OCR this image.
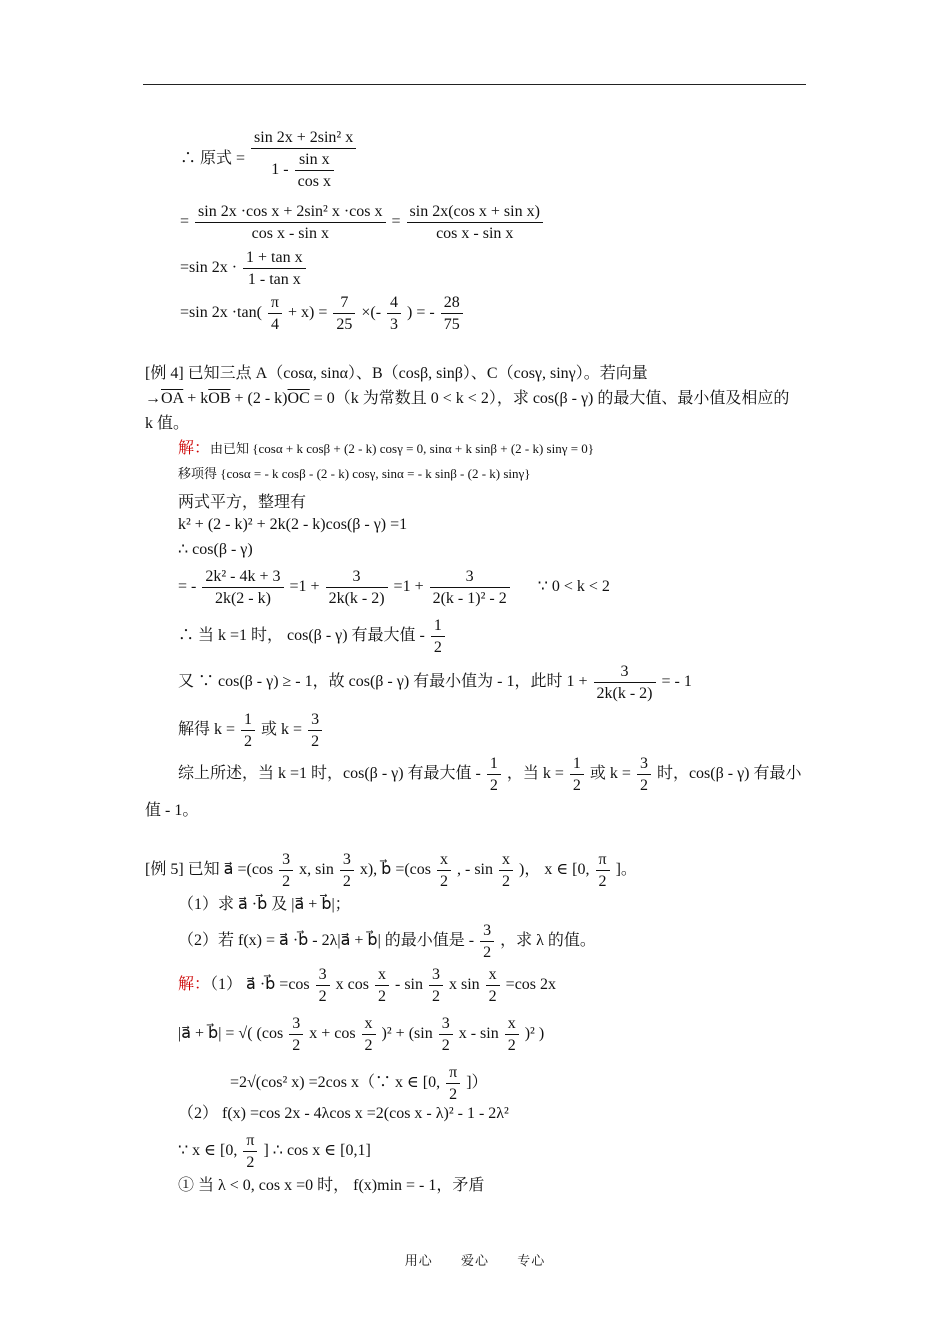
∴ 原式 = $\frac{\text{sin 2x + 2sin² x}}{1 - \frac{\text{sin x}}{\text{cos x}}}$
= $\frac{\text{sin 2x ·cos x + 2sin² x ·cos x}}{\text{cos x - sin x}} = \frac{\text{sin 2x(cos x + sin x)}}{\text{cos x - sin x}}$
=sin $2x \cdot \frac{\text{1 + tan x}}{\text{1 - tan x}}$
=sin $2x \cdot\tan( \frac{\pi}{4} + x) = \frac{7}{25}$ ×(- $\frac{4}{3}$ ) = - $\frac{28}{75}$
[例 4] 已知三点 A（cosα, sinα）、B（cosβ, sinβ）、C（cosγ, sinγ）。若向量
$\to\overline{OA} + k\overline{OB} + (2 - k)\overline{OC} = 0(k$ 为常数且 0 < k < 2），求 cos(β - γ) 的最大值、最小值及相应的
k 值。
解：由已知 {cosα + k cosβ + (2 - k) cosγ = 0, sinα + k sinβ + (2 - k) sinγ = 0}
移项得 {cosα = - k cosβ - (2 - k) cosγ, sinα = - k sinβ - (2 - k) sinγ}
两式平方，整理有
k² + (2 - k)² + 2k(2 - k)cos(β - γ) =1
∴ cos(β - γ)
= - $\frac{\text{2k² - 4k + 3}}{2k(2 - k)} =1 + \frac{3}{2k(k - 2)} =1 + \frac{3}{\text{2(k - 1)² - 2}}$ ∵ 0 < k < 2
∴ 当 k =1 时， cos(β - γ) 有最大值 - $\frac{1}{2}$
又 ∵ cos(β - γ) ≥ - 1，故 cos(β - γ) 有最小值为 - 1，此时 $1 + \frac{3}{2k(k - 2)}$ = - 1
解得 $k = \frac{1}{2}$ 或 $k = \frac{3}{2}$
综上所述，当 k =1 时，cos(β - γ) 有最大值 - $\frac{1}{2}$ ，当 $k = \frac{1}{2}$ 或 $k = \frac{3}{2}$ 时，cos(β - γ) 有最小
值 - 1。
[例 5] 已知 a⃗ $=(\cos \frac{3}{2} x$, $\sin \frac{3}{2} x$), b⃗ $=(\cos \frac{x}{2}$ , - $\sin \frac{x}{2}$ )， x ∈ [0, $\frac{\pi}{2}$ ]。
（1）求 a⃗ ·b⃗ 及 |a⃗ + b⃗|；
（2）若 f(x) = a⃗ ·b⃗ - 2λ|a⃗ + b⃗| 的最小值是 - $\frac{3}{2}$ ，求 λ 的值。
解：（1） a⃗ ·b⃗ $=\cos \frac{3}{2}$ x $\cos \frac{x}{2}$ - $\sin \frac{3}{2}$ x $\sin \frac{x}{2} =\cos$ 2x
|a⃗ + b⃗| = √( ($\cos \frac{3}{2}$ $x + \cos \frac{x}{2} )^2 + (\sin \frac{3}{2}$ x - $\sin \frac{x}{2} )^2$ )
=2√(cos² x) =2cos x（∵ x ∈ [0, $\frac{\pi}{2}$ ]）
（2） f(x) =cos 2x - 4λcos x =2(cos x - λ)² - 1 - 2λ²
∵ x ∈ [0, $\frac{\pi}{2}$ ] ∴ cos x ∈ [0,1]
① 当 λ < 0, cos x =0 时， f(x)min = - 1，矛盾
用心 爱心 专心
